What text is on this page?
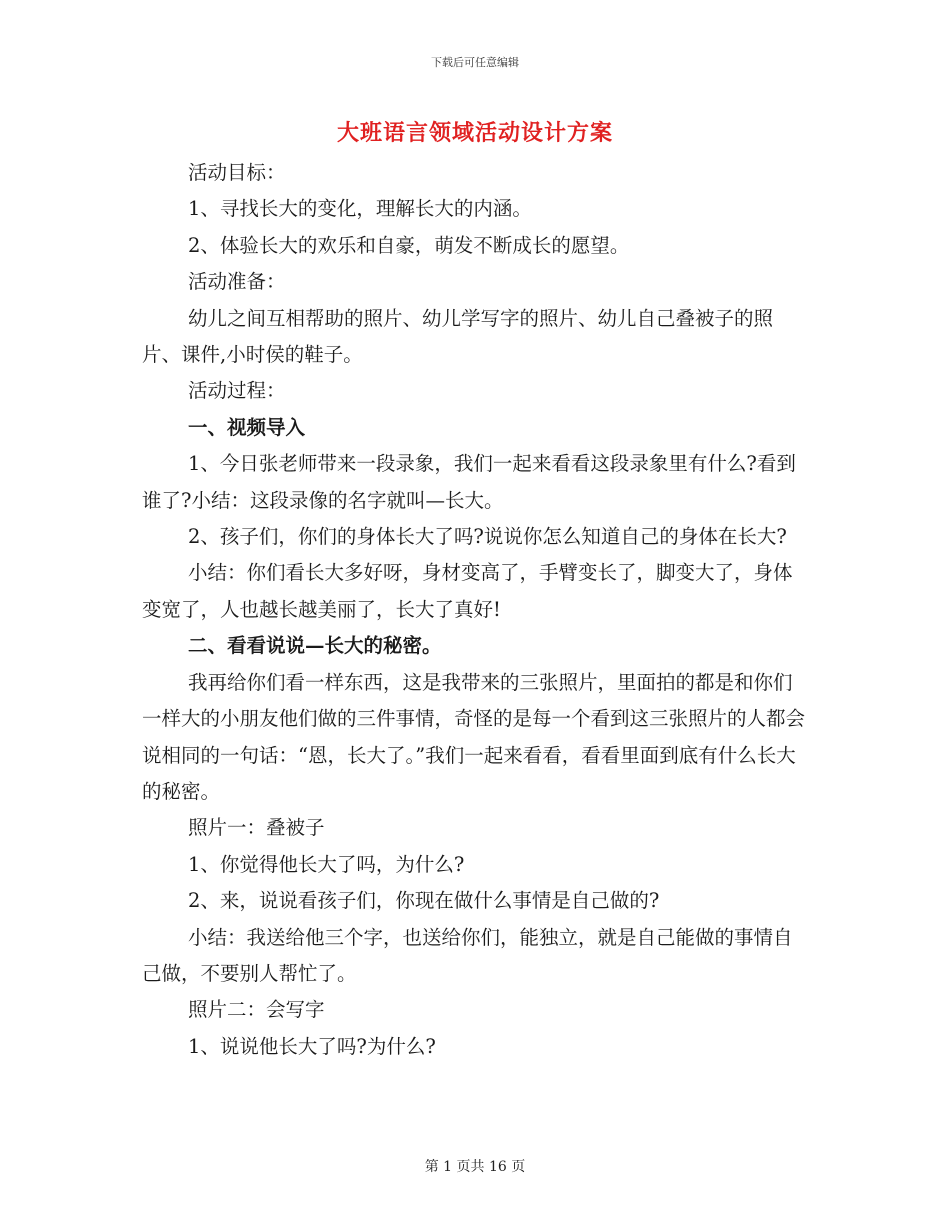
下载后可任意编辑
大班语言领域活动设计方案

活动目标：

1、寻找长大的变化，理解长大的内涵。

2、体验长大的欢乐和自豪，萌发不断成长的愿望。

活动准备：

幼儿之间互相帮助的照片、幼儿学写字的照片、幼儿自己叠被子的照片、课件,小时侯的鞋子。

活动过程：

一、视频导入

1、今日张老师带来一段录象，我们一起来看看这段录象里有什么?看到谁了?小结：这段录像的名字就叫—长大。

2、孩子们，你们的身体长大了吗?说说你怎么知道自己的身体在长大?

小结：你们看长大多好呀，身材变高了，手臂变长了，脚变大了，身体变宽了，人也越长越美丽了，长大了真好!

二、看看说说—长大的秘密。

我再给你们看一样东西，这是我带来的三张照片，里面拍的都是和你们一样大的小朋友他们做的三件事情，奇怪的是每一个看到这三张照片的人都会说相同的一句话：“恩，长大了。”我们一起来看看，看看里面到底有什么长大的秘密。

照片一：叠被子

1、你觉得他长大了吗，为什么?

2、来，说说看孩子们，你现在做什么事情是自己做的?

小结：我送给他三个字，也送给你们，能独立，就是自己能做的事情自己做，不要别人帮忙了。

照片二：会写字

1、说说他长大了吗?为什么?

第 1 页共 16 页
